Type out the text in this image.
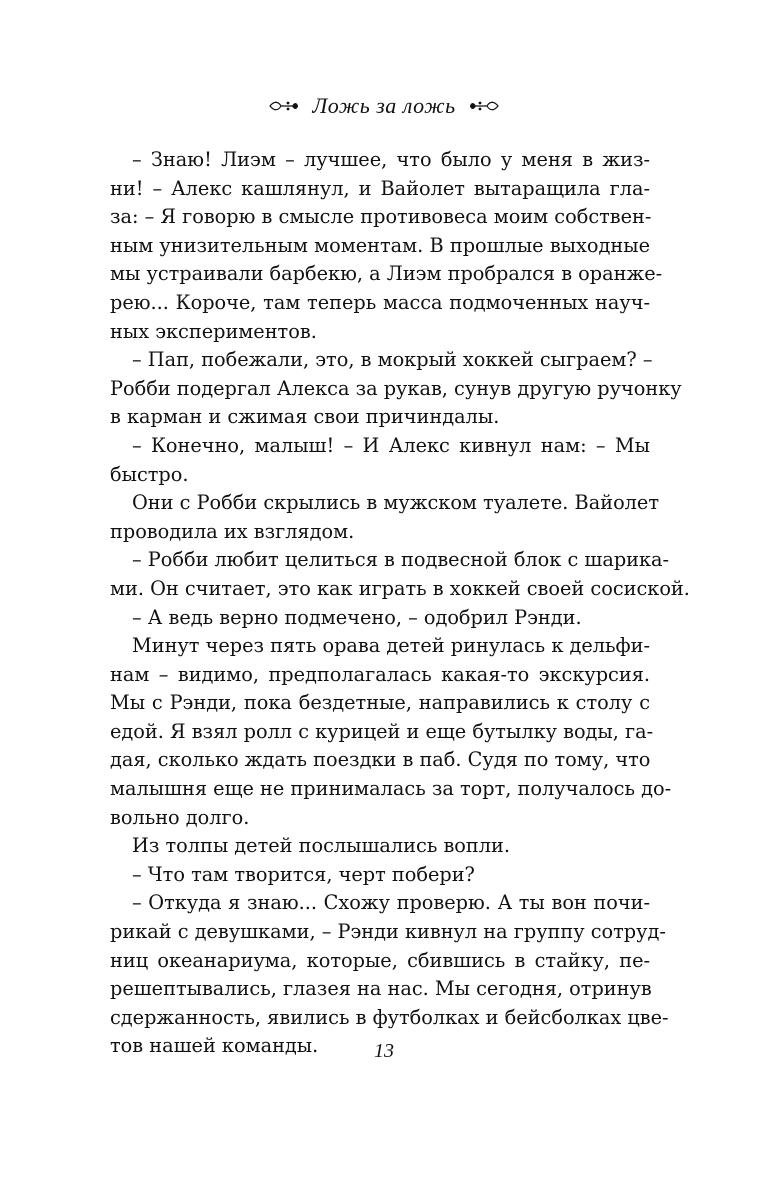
Ложь за ложь
– Знаю! Лиэм – лучшее, что было у меня в жиз-
ни! – Алекс кашлянул, и Вайолет вытаращила гла-
за: – Я говорю в смысле противовеса моим собствен-
ным унизительным моментам. В прошлые выходные
мы устраивали барбекю, а Лиэм пробрался в оранже-
рею... Короче, там теперь масса подмоченных науч-
ных экспериментов.
– Пап, побежали, это, в мокрый хоккей сыграем? –
Робби подергал Алекса за рукав, сунув другую ручонку
в карман и сжимая свои причиндалы.
– Конечно, малыш! – И Алекс кивнул нам: – Мы
быстро.
Они с Робби скрылись в мужском туалете. Вайолет
проводила их взглядом.
– Робби любит целиться в подвесной блок с шарика-
ми. Он считает, это как играть в хоккей своей сосиской.
– А ведь верно подмечено, – одобрил Рэнди.
Минут через пять орава детей ринулась к дельфи-
нам – видимо, предполагалась какая-то экскурсия.
Мы с Рэнди, пока бездетные, направились к столу с
едой. Я взял ролл с курицей и еще бутылку воды, га-
дая, сколько ждать поездки в паб. Судя по тому, что
малышня еще не принималась за торт, получалось до-
вольно долго.
Из толпы детей послышались вопли.
– Что там творится, черт побери?
– Откуда я знаю... Схожу проверю. А ты вон почи-
рикай с девушками, – Рэнди кивнул на группу сотруд-
ниц океанариума, которые, сбившись в стайку, пе-
решептывались, глазея на нас. Мы сегодня, отринув
сдержанность, явились в футболках и бейсболках цве-
тов нашей команды.	13
